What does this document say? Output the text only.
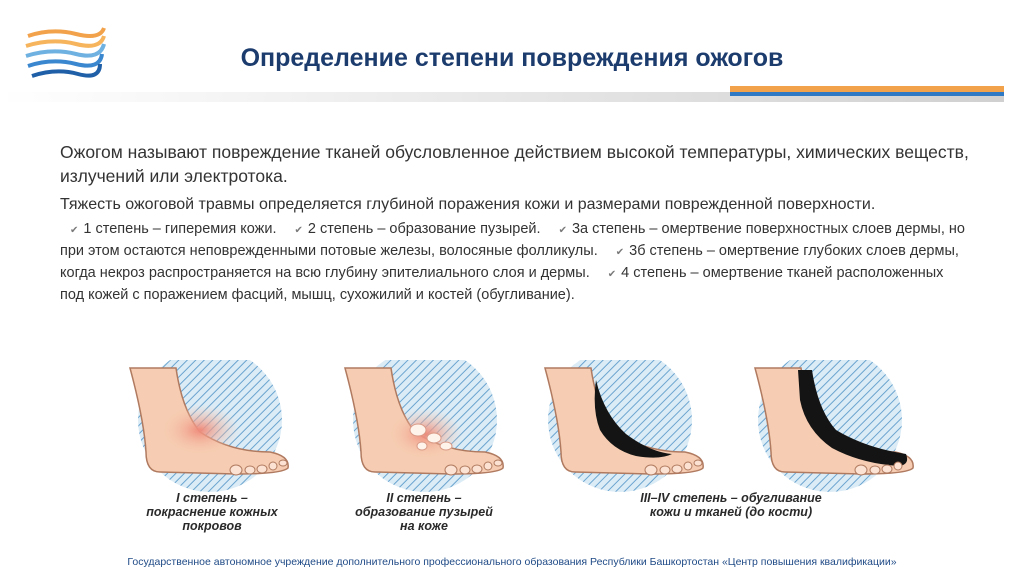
Определение степени повреждения ожогов

Ожогом называют повреждение тканей обусловленное действием высокой температуры, химических веществ, излучений или электротока.

Тяжесть ожоговой травмы определяется глубиной поражения кожи и размерами поврежденной поверхности.

✔ 1 степень – гиперемия кожи. ✔ 2 степень – образование пузырей. ✔ 3а степень – омертвение поверхностных слоев дермы, но при этом остаются неповрежденными потовые железы, волосяные фолликулы. ✔ 3б степень – омертвение глубоких слоев дермы, когда некроз распространяется на всю глубину эпителиального слоя и дермы. ✔ 4 степень – омертвение тканей расположенных под кожей с поражением фасций, мышц, сухожилий и костей (обугливание).

I степень –
покраснение кожных
покровов
II степень –
образование пузырей
на коже
III–IV степень – обугливание
кожи и тканей (до кости)
Государственное автономное учреждение дополнительного профессионального образования Республики Башкортостан «Центр повышения квалификации»
